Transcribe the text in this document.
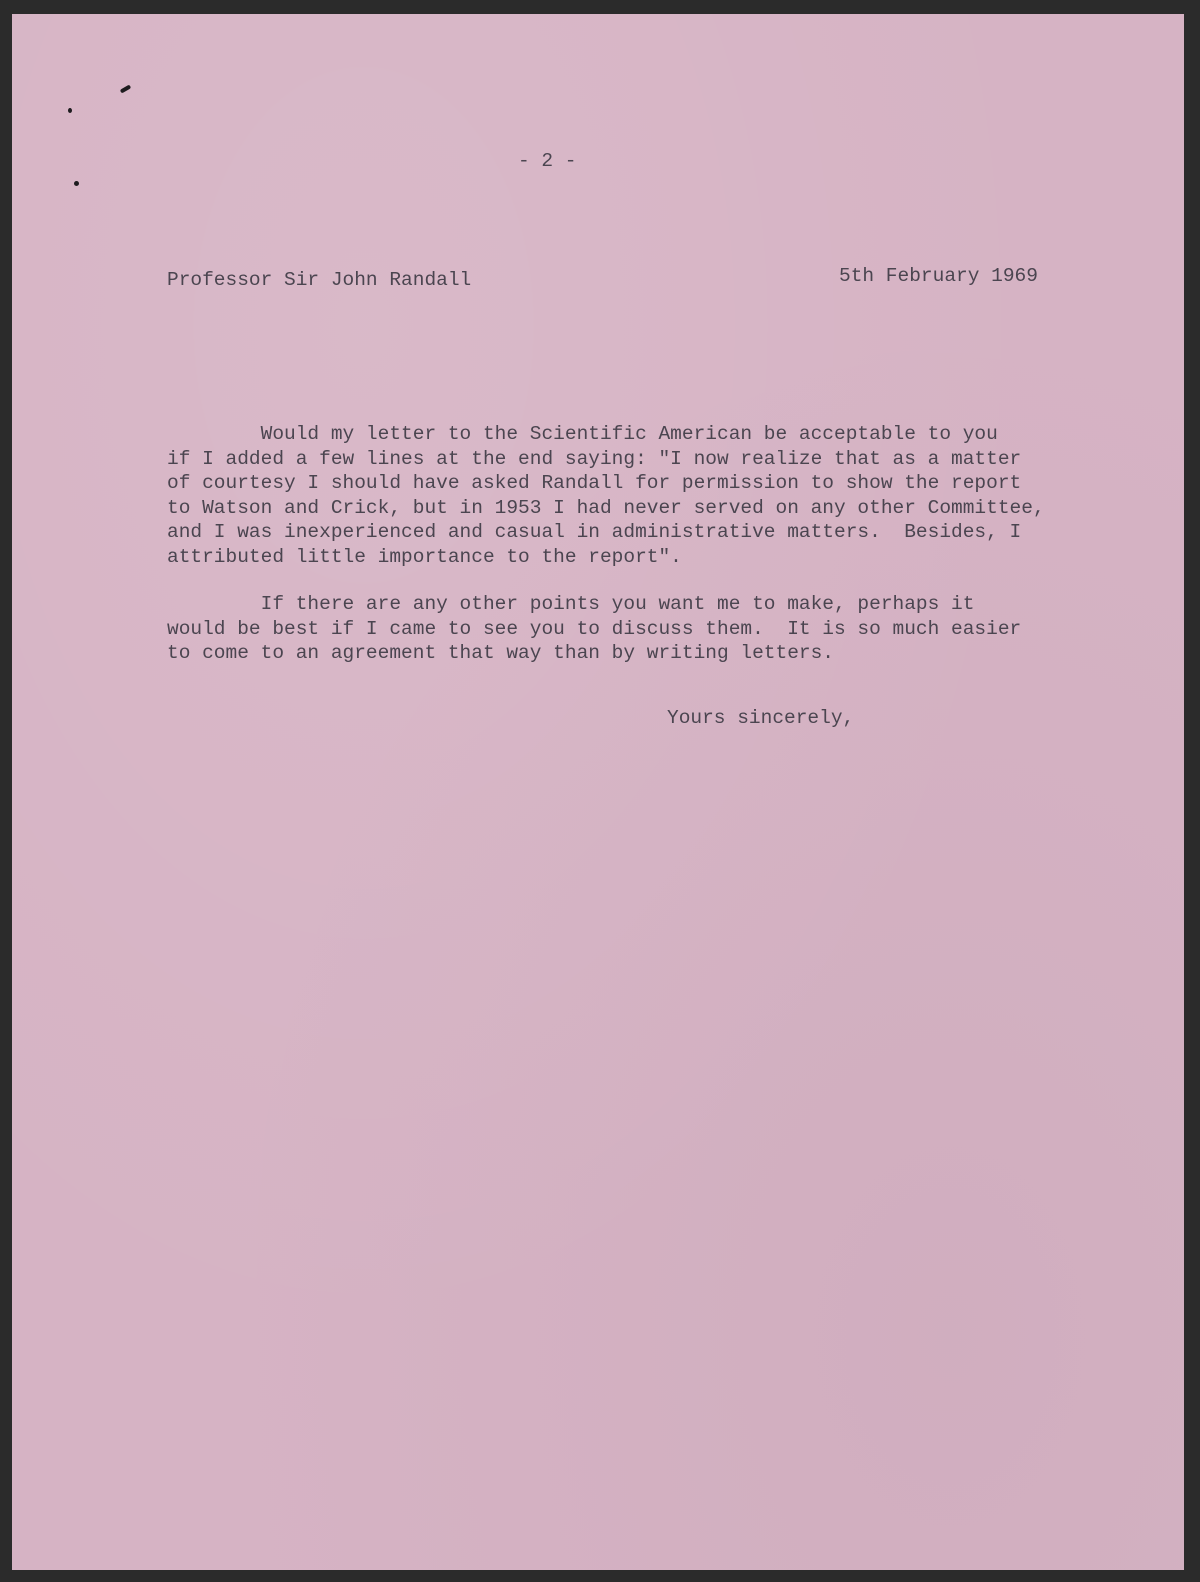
- 2 -
Professor Sir John Randall	5th February 1969
Would my letter to the Scientific American be acceptable to you
if I added a few lines at the end saying: "I now realize that as a matter
of courtesy I should have asked Randall for permission to show the report
to Watson and Crick, but in 1953 I had never served on any other Committee,
and I was inexperienced and casual in administrative matters.  Besides, I
attributed little importance to the report".
If there are any other points you want me to make, perhaps it
would be best if I came to see you to discuss them.  It is so much easier
to come to an agreement that way than by writing letters.
Yours sincerely,
